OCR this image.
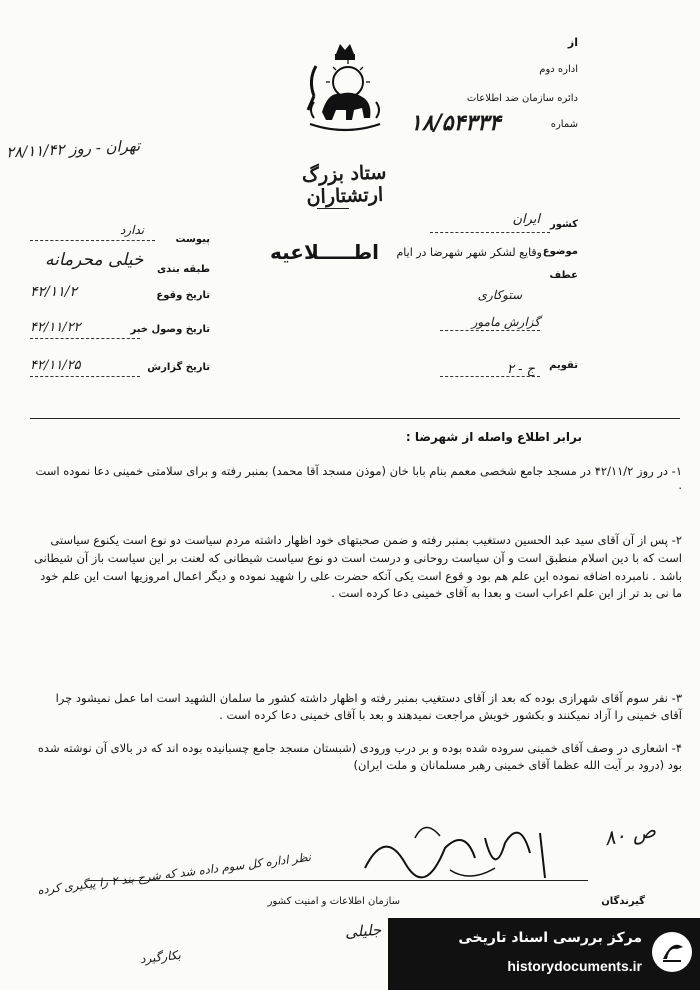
از
اداره دوم
دائره سازمان ضد اطلاعات
شماره
۱۸/۵۴۳۳۴
تهران - روز ۲۸/۱۱/۴۲
ستاد بزرگ ارتشتاران
پیوست
ندارد
طبقه بندی
خیلی محرمانه
تاریخ وقوع
۴۲/۱۱/۲
تاریخ وصول خبر
۴۲/۱۱/۲۲
تاریخ گزارش
۴۲/۱۱/۲۵
کشور
ایران
موضوع
وقایع لشکر شهر شهرضا در ایام
اطـــــلاعیه
عطف
ستوکاری
گزارش مامور
تقویم
ج - ۲
برابر اطلاع واصله از شهرضا :
۱- در روز ۴۲/۱۱/۲ در مسجد جامع شخصی معمم بنام بابا خان (موذن مسجد آقا محمد) بمنبر رفته و برای سلامتی خمینی دعا نموده است .
۲- پس از آن آقای سید عبد الحسین دستغیب بمنبر رفته و ضمن صحبتهای خود اظهار داشته مردم سیاست دو نوع است یکنوع سیاستی است که با دین اسلام منطبق است و آن سیاست روحانی و درست است دو نوع سیاست شیطانی که لعنت بر این سیاست باز آن شیطانی باشد . نامبرده اضافه نموده این علم هم بود و قوع است یکی آنکه حضرت علی را شهید نموده و دیگر اعمال امروزیها است این علم خود ما نی بد تر از این علم اعراب است و بعدا به آقای خمینی دعا کرده است .
۳- نفر سوم آقای شهرازی بوده که بعد از آقای دستغیب بمنبر رفته و اظهار داشته کشور ما سلمان الشهید است اما عمل نمیشود چرا آقای خمینی را آزاد نمیکنند و بکشور خویش مراجعت نمیدهند و بعد با آقای خمینی دعا کرده است .
۴- اشعاری در وصف آقای خمینی سروده شده بوده و بر درب ورودی (شبستان مسجد جامع چسبانیده بوده اند که در بالای آن نوشته شده بود (درود بر آیت الله عظما آقای خمینی رهبر مسلمانان و ملت ایران)
ص ۸۰
نظر اداره کل سوم داده شد که شرح بند ۲ را پیگیری کرده
گیرندگان
سازمان اطلاعات و امنیت کشور
جلیلی
بکارگیرد
مرکز بررسی اسناد تاریخی
historydocuments.ir
